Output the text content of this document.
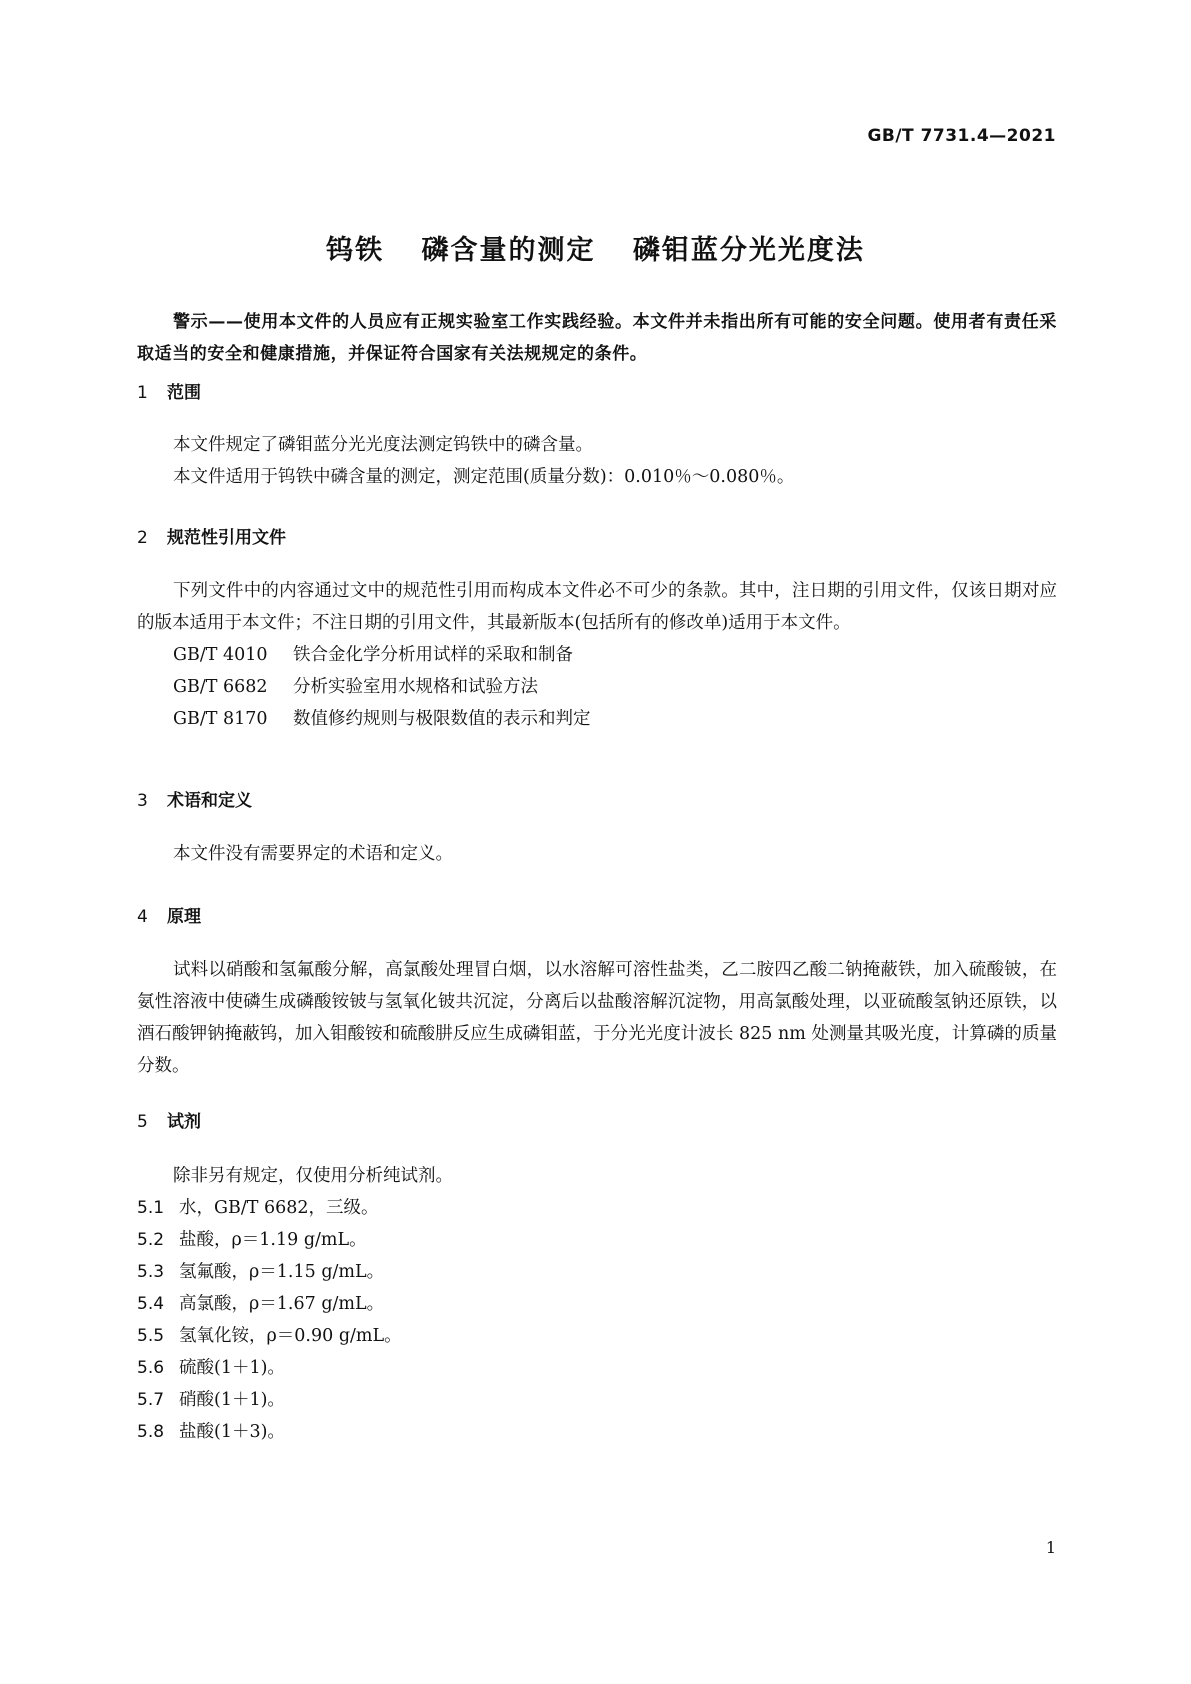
GB/T 7731.4—2021
钨铁 磷含量的测定 磷钼蓝分光光度法
警示——使用本文件的人员应有正规实验室工作实践经验。本文件并未指出所有可能的安全问题。使用者有责任采取适当的安全和健康措施，并保证符合国家有关法规规定的条件。
1 范围

本文件规定了磷钼蓝分光光度法测定钨铁中的磷含量。

本文件适用于钨铁中磷含量的测定，测定范围(质量分数)：0.010％～0.080％。

2 规范性引用文件

下列文件中的内容通过文中的规范性引用而构成本文件必不可少的条款。其中，注日期的引用文件，仅该日期对应的版本适用于本文件；不注日期的引用文件，其最新版本(包括所有的修改单)适用于本文件。

GB/T 4010 铁合金化学分析用试样的采取和制备
GB/T 6682 分析实验室用水规格和试验方法
GB/T 8170 数值修约规则与极限数值的表示和判定
3 术语和定义

本文件没有需要界定的术语和定义。

4 原理

试料以硝酸和氢氟酸分解，高氯酸处理冒白烟，以水溶解可溶性盐类，乙二胺四乙酸二钠掩蔽铁，加入硫酸铍，在氨性溶液中使磷生成磷酸铵铍与氢氧化铍共沉淀，分离后以盐酸溶解沉淀物，用高氯酸处理，以亚硫酸氢钠还原铁，以酒石酸钾钠掩蔽钨，加入钼酸铵和硫酸肼反应生成磷钼蓝，于分光光度计波长 825 nm 处测量其吸光度，计算磷的质量分数。

5 试剂

除非另有规定，仅使用分析纯试剂。

5.1 水，GB/T 6682，三级。
5.2 盐酸，ρ＝1.19 g/mL。
5.3 氢氟酸，ρ＝1.15 g/mL。
5.4 高氯酸，ρ＝1.67 g/mL。
5.5 氢氧化铵，ρ＝0.90 g/mL。
5.6 硫酸(1＋1)。
5.7 硝酸(1＋1)。
5.8 盐酸(1＋3)。
1
